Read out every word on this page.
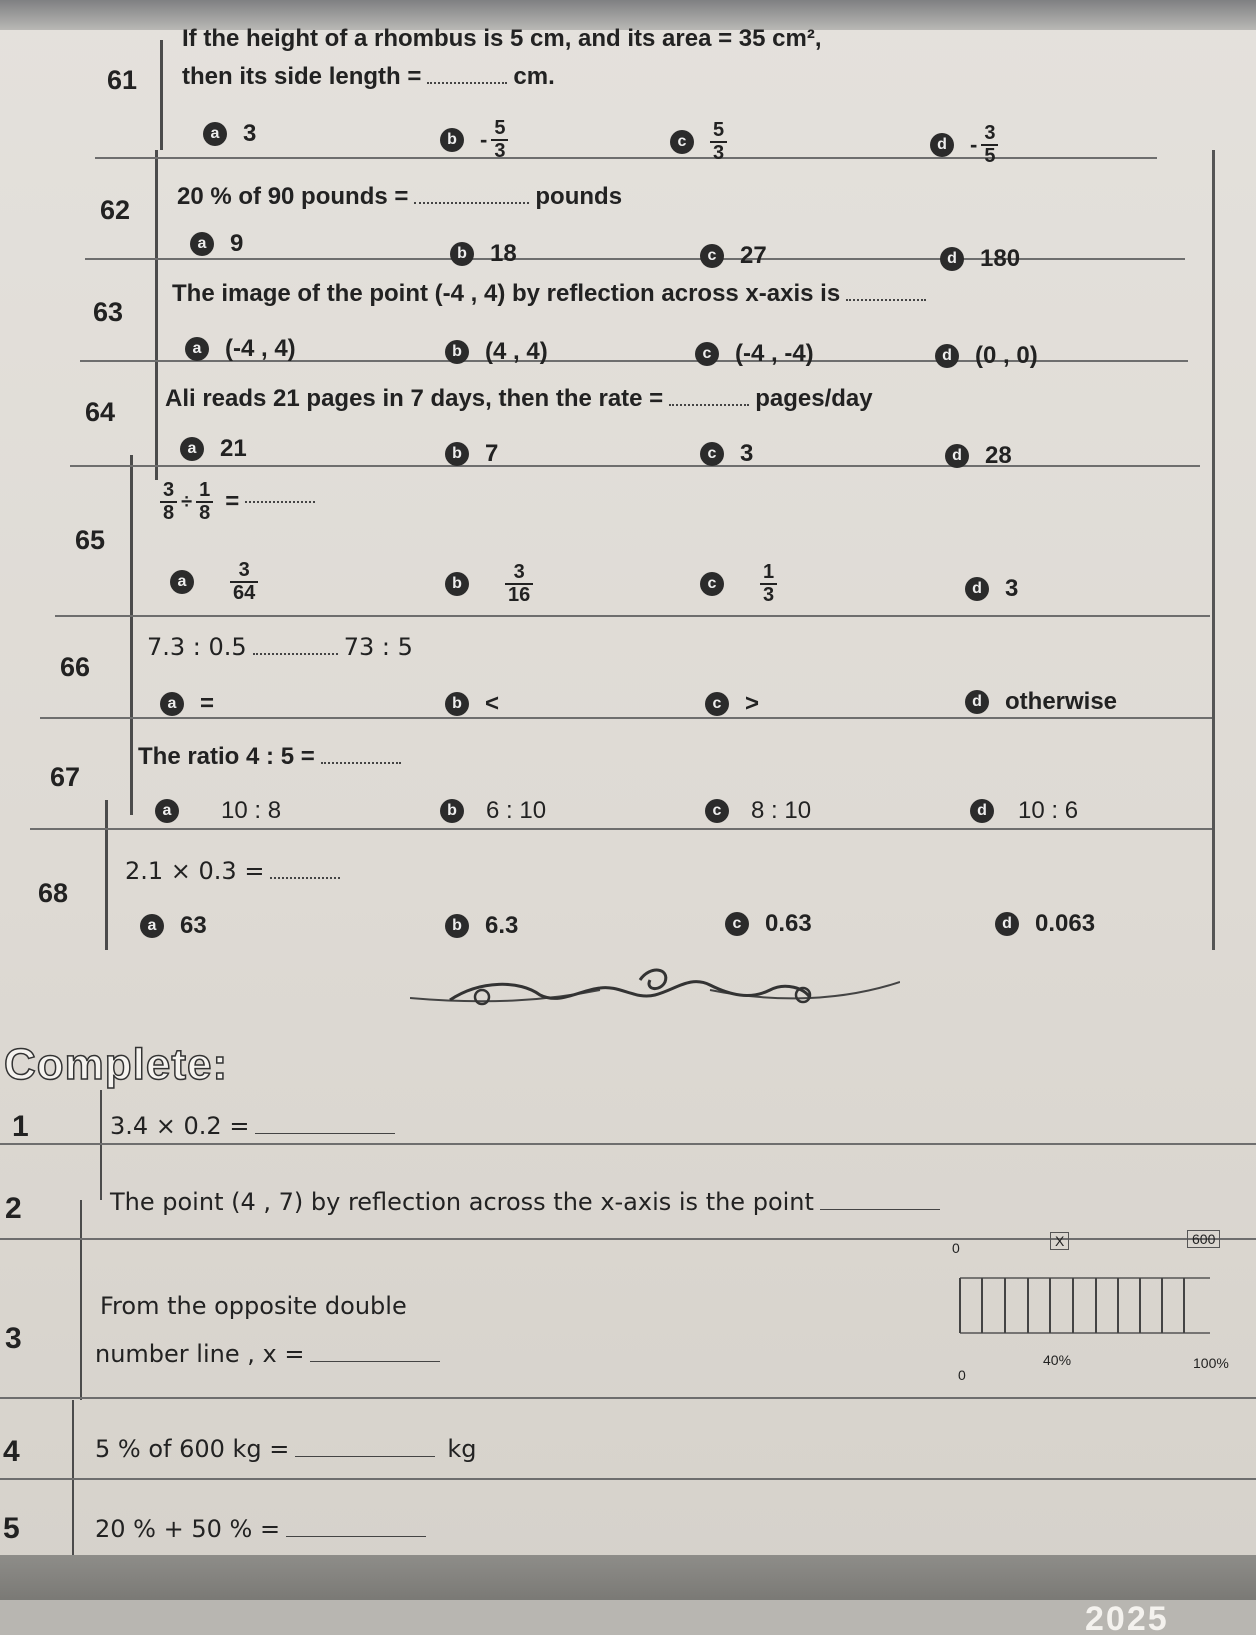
61
If the height of a rhombus is 5 cm, and its area = 35 cm²,
then its side length =	cm.
a 3	b	- $\frac{5}{3}$	c	$\frac{5}{3}$	d	- $\frac{3}{5}$
62 20 % of 90 pounds =	pounds
a 9	b 18	c 27	d 180
63
The image of the point (-4 , 4) by reflection across x-axis is
a (-4 , 4)	b (4 , 4)	c (-4 , -4)	d (0 , 0)
64 Ali reads 21 pages in 7 days, then the rate =	pages/day
a 21	b 7	c 3	d 28
65
$\frac{3}{8} \div \frac{1}{8}$ =
a	$\frac{3}{64}$	b	$\frac{3}{16}$	c	$\frac{1}{3}$	d 3
66
7.3 : 0.5	73 : 5
a =	b <	c >	d otherwise
67
The ratio 4 : 5 =
a	10 : 8	b 6 : 10	c	8 : 10	d 10 : 6
68
2.1 × 0.3 =
a 63	b 6.3	c 0.63	d 0.063
Complete:
1	3.4 × 0.2 =
2	The point (4 , 7) by reflection across the x-axis is the point
3
From the opposite double
number line , x =
0	X	600
0
40%	100%
4	5 % of 600 kg =	kg
5	20 % + 50 % =
2025
